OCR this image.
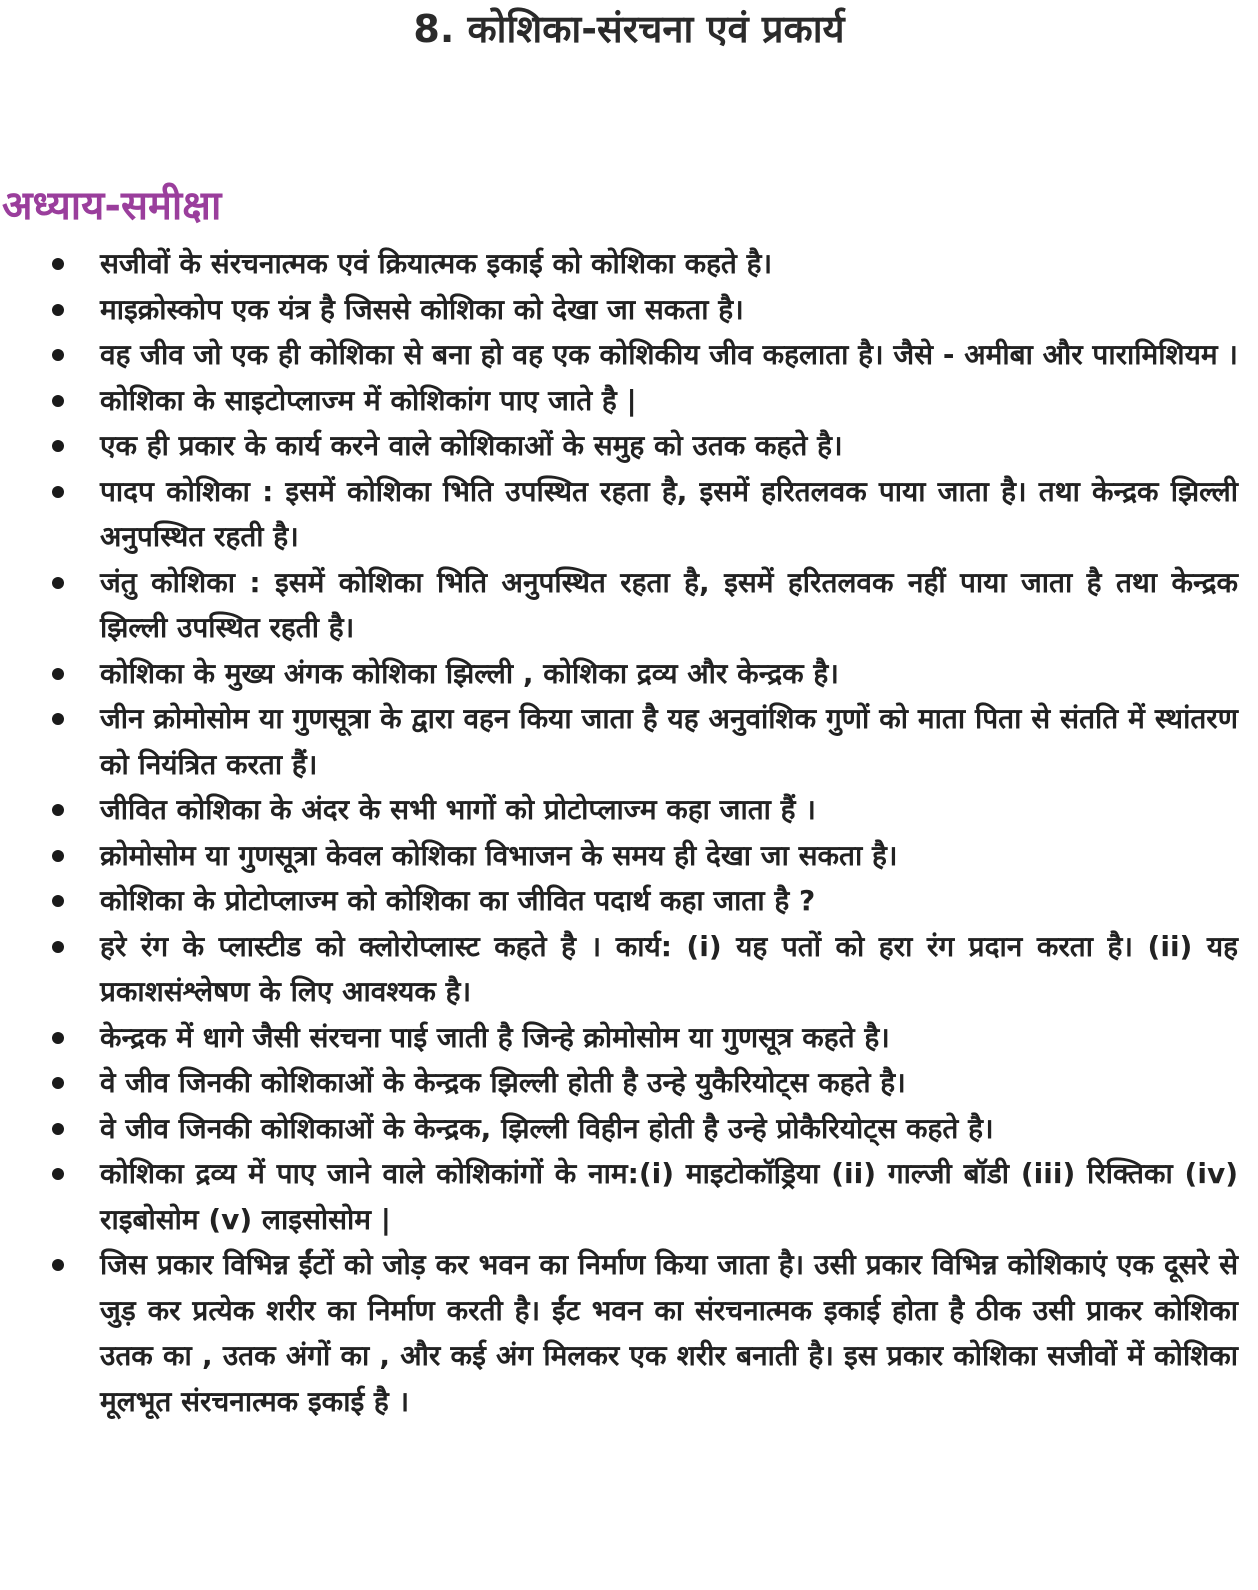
8. कोशिका-संरचना एवं प्रकार्य
अध्याय-समीक्षा
सजीवों के संरचनात्मक एवं क्रियात्मक इकाई को कोशिका कहते है।
माइक्रोस्कोप एक यंत्र है जिससे कोशिका को देखा जा सकता है।
वह जीव जो एक ही कोशिका से बना हो वह एक कोशिकीय जीव कहलाता है। जैसे - अमीबा और पारामिशियम ।
कोशिका के साइटोप्लाज्म में कोशिकांग पाए जाते है |
एक ही प्रकार के कार्य करने वाले कोशिकाओं के समुह को उतक कहते है।
पादप कोशिका : इसमें कोशिका भिति उपस्थित रहता है, इसमें हरितलवक पाया जाता है। तथा केन्द्रक झिल्ली अनुपस्थित रहती है।
जंतु कोशिका : इसमें कोशिका भिति अनुपस्थित रहता है, इसमें हरितलवक नहीं पाया जाता है तथा केन्द्रक झिल्ली उपस्थित रहती है।
कोशिका के मुख्य अंगक कोशिका झिल्ली , कोशिका द्रव्य और केन्द्रक है।
जीन क्रोमोसोम या गुणसूत्रा के द्वारा वहन किया जाता है यह अनुवांशिक गुणों को माता पिता से संतति में स्थांतरण को नियंत्रित करता हैं।
जीवित कोशिका के अंदर के सभी भागों को प्रोटोप्लाज्म कहा जाता हैं ।
क्रोमोसोम या गुणसूत्रा केवल कोशिका विभाजन के समय ही देखा जा सकता है।
कोशिका के प्रोटोप्लाज्म को कोशिका का जीवित पदार्थ कहा जाता है ?
हरे रंग के प्लास्टीड को क्लोरोप्लास्ट कहते है । कार्य: (i) यह पतों को हरा रंग प्रदान करता है। (ii) यह प्रकाशसंश्लेषण के लिए आवश्यक है।
केन्द्रक में धागे जैसी संरचना पाई जाती है जिन्हे क्रोमोसोम या गुणसूत्र कहते है।
वे जीव जिनकी कोशिकाओं के केन्द्रक झिल्ली होती है उन्हे युकैरियोट्स कहते है।
वे जीव जिनकी कोशिकाओं के केन्द्रक, झिल्ली विहीन होती है उन्हे प्रोकैरियोट्स कहते है।
कोशिका द्रव्य में पाए जाने वाले कोशिकांगों के नाम:(i) माइटोकॉड्रिया (ii) गाल्जी बॉडी (iii) रिक्तिका (iv) राइबोसोम (v) लाइसोसोम |
जिस प्रकार विभिन्न ईंटों को जोड़ कर भवन का निर्माण किया जाता है। उसी प्रकार विभिन्न कोशिकाएं एक दूसरे से जुड़ कर प्रत्येक शरीर का निर्माण करती है। ईंट भवन का संरचनात्मक इकाई होता है ठीक उसी प्राकर कोशिका उतक का , उतक अंगों का , और कई अंग मिलकर एक शरीर बनाती है। इस प्रकार कोशिका सजीवों में कोशिका मूलभूत संरचनात्मक इकाई है ।
